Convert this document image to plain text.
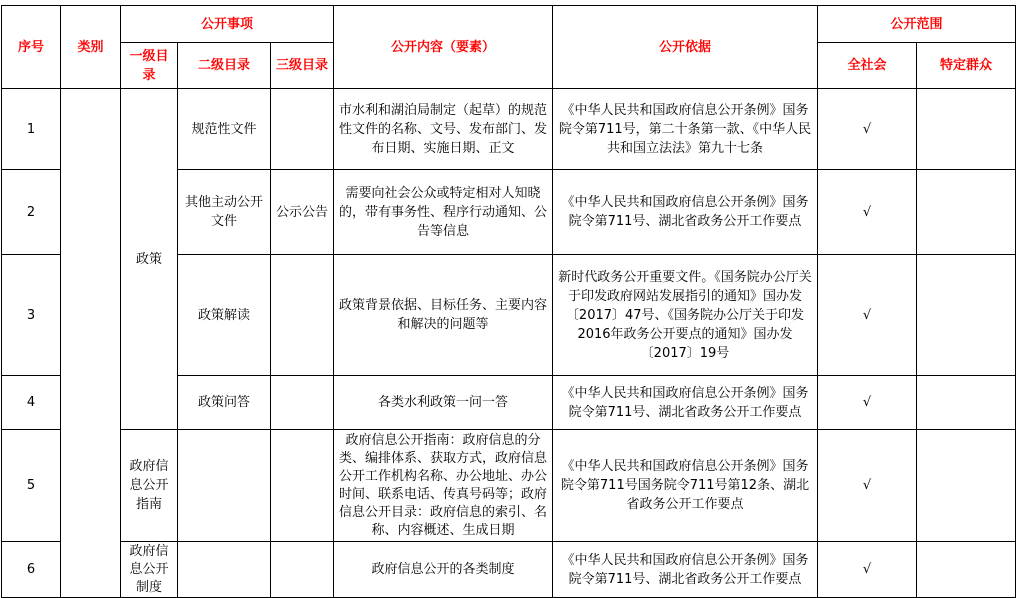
序号	类别	公开事项			公开内容（要素）	公开依据	公开范围	
		一级目录	二级目录	三级目录			全社会	特定群众

1		政策	规范性文件		市水利和湖泊局制定（起草）的规范性文件的名称、文号、发布部门、发布日期、实施日期、正文	《中华人民共和国政府信息公开条例》国务院令第711号，第二十条第一款、《中华人民共和国立法法》第九十七条	√	
2			其他主动公开文件	公示公告	需要向社会公众或特定相对人知晓的，带有事务性、程序行动通知、公告等信息	《中华人民共和国政府信息公开条例》国务院令第711号、湖北省政务公开工作要点	√	
3			政策解读		政策背景依据、目标任务、主要内容和解决的问题等	新时代政务公开重要文件。《国务院办公厅关于印发政府网站发展指引的通知》国办发〔2017〕47号、《国务院办公厅关于印发2016年政务公开要点的通知》国办发〔2017〕19号	√	
4			政策问答		各类水利政策一问一答	《中华人民共和国政府信息公开条例》国务院令第711号、湖北省政务公开工作要点	√	
5		政府信息公开指南			政府信息公开指南：政府信息的分类、编排体系、获取方式，政府信息公开工作机构名称、办公地址、办公时间、联系电话、传真号码等；政府信息公开目录：政府信息的索引、名称、内容概述、生成日期	《中华人民共和国政府信息公开条例》国务院令第711号国务院令711号第12条、湖北省政务公开工作要点	√	
6		政府信息公开制度			政府信息公开的各类制度	《中华人民共和国政府信息公开条例》国务院令第711号、湖北省政务公开工作要点	√	
